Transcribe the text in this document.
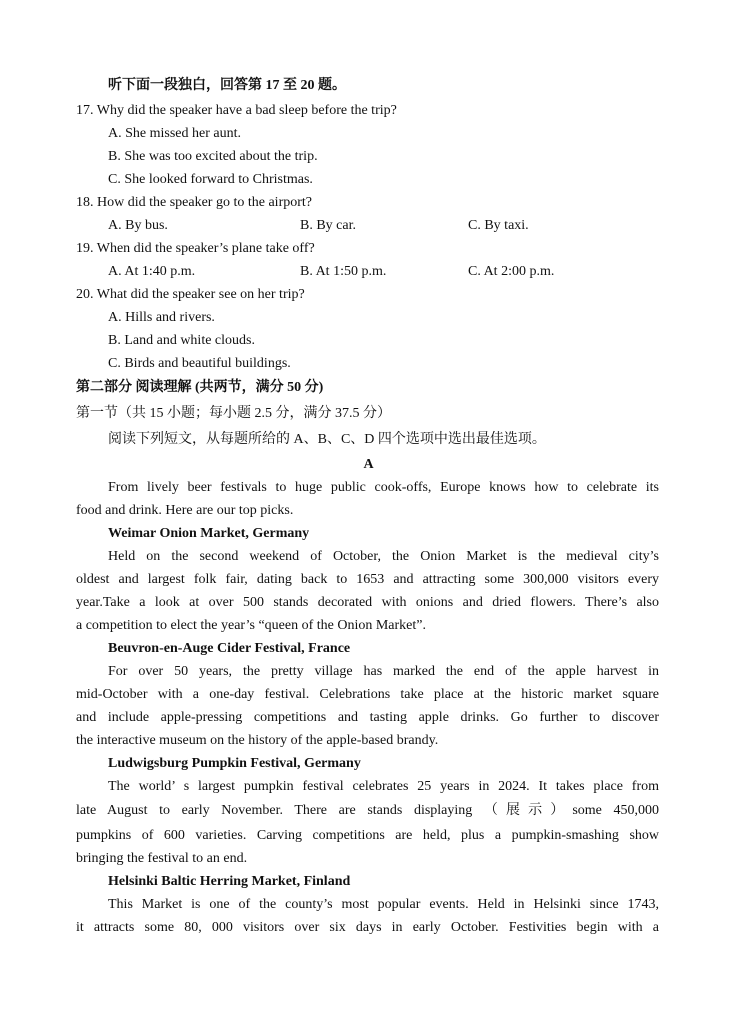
听下面一段独白，回答第 17 至 20 题。
17. Why did the speaker have a bad sleep before the trip?
A. She missed her aunt.
B. She was too excited about the trip.
C. She looked forward to Christmas.
18. How did the speaker go to the airport?
A. By bus.	B. By car.	C. By taxi.
19. When did the speaker’s plane take off?
A. At 1:40 p.m.	B. At 1:50 p.m.	C. At 2:00 p.m.
20. What did the speaker see on her trip?
A. Hills and rivers.
B. Land and white clouds.
C. Birds and beautiful buildings.
第二部分 阅读理解 (共两节，满分 50 分)
第一节（共 15 小题；每小题 2.5 分，满分 37.5 分）
阅读下列短文，从每题所给的 A、B、C、D 四个选项中选出最佳选项。
A
From lively beer festivals to huge public cook-offs, Europe knows how to celebrate its
food and drink. Here are our top picks.
Weimar Onion Market, Germany
Held on the second weekend of October, the Onion Market is the medieval city’s
oldest and largest folk fair, dating back to 1653 and attracting some 300,000 visitors every
year.Take a look at over 500 stands decorated with onions and dried flowers. There’s also
a competition to elect the year’s “queen of the Onion Market”.
Beuvron-en-Auge Cider Festival, France
For over 50 years, the pretty village has marked the end of the apple harvest in
mid-October with a one-day festival. Celebrations take place at the historic market square
and include apple-pressing competitions and tasting apple drinks. Go further to discover
the interactive museum on the history of the apple-based brandy.
Ludwigsburg Pumpkin Festival, Germany
The world’ s largest pumpkin festival celebrates 25 years in 2024. It takes place from
late August to early November. There are stands displaying （展示）some 450,000
pumpkins of 600 varieties. Carving competitions are held, plus a pumpkin-smashing show
bringing the festival to an end.
Helsinki Baltic Herring Market, Finland
This Market is one of the county’s most popular events. Held in Helsinki since 1743,
it attracts some 80, 000 visitors over six days in early October. Festivities begin with a
